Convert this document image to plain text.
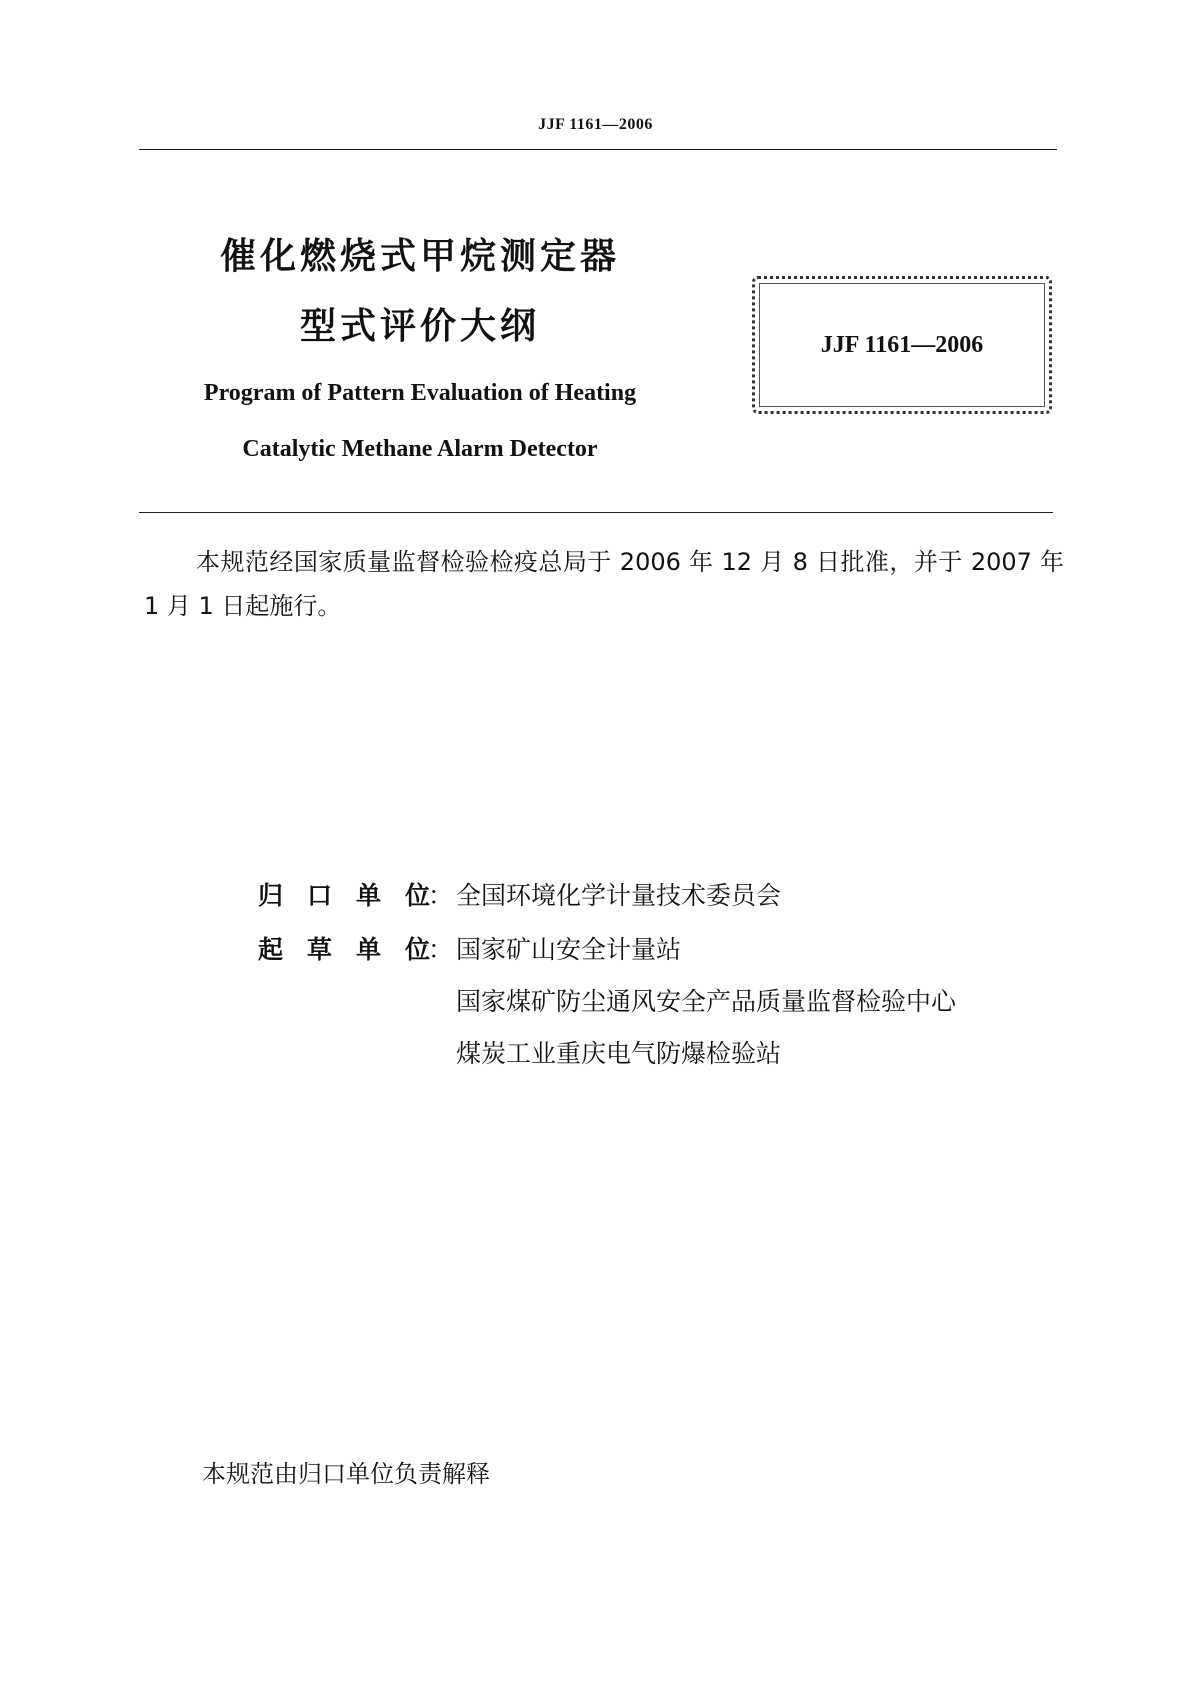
JJF 1161—2006
催化燃烧式甲烷测定器
型式评价大纲
Program of Pattern Evaluation of Heating
Catalytic Methane Alarm Detector
JJF 1161—2006
本规范经国家质量监督检验检疫总局于 2006 年 12 月 8 日批准，并于 2007 年 1 月 1 日起施行。
归 口 单 位
： 全国环境化学计量技术委员会
起 草 单 位
： 国家矿山安全计量站
国家煤矿防尘通风安全产品质量监督检验中心
煤炭工业重庆电气防爆检验站
本规范由归口单位负责解释
